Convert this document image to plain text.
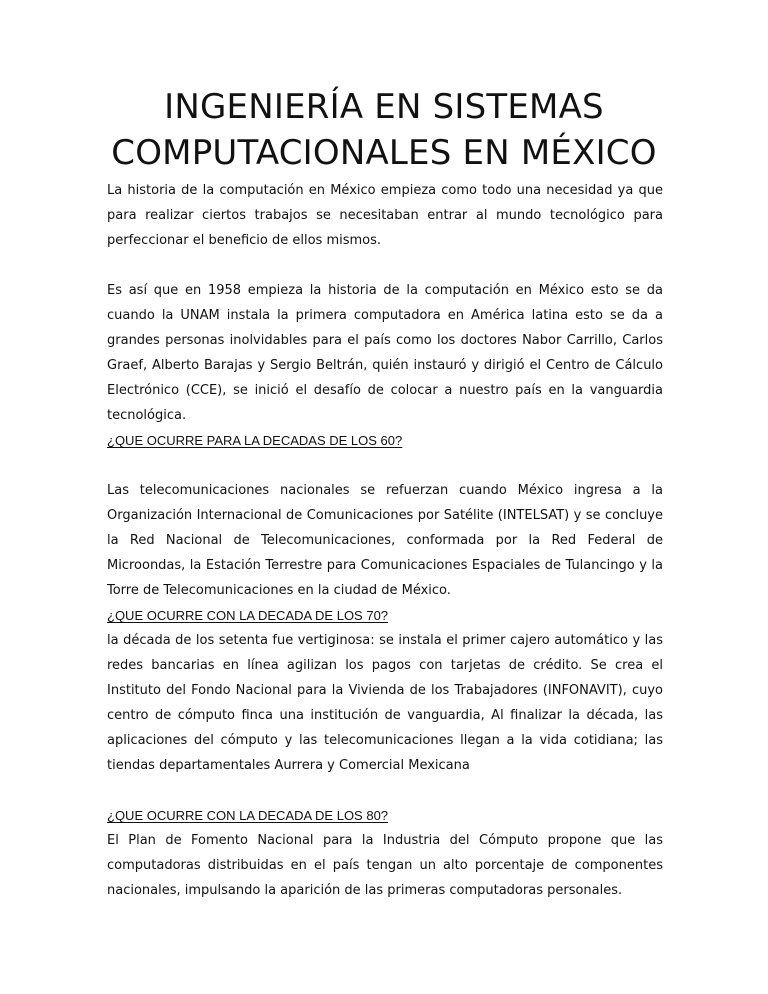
INGENIERÍA EN SISTEMAS COMPUTACIONALES EN MÉXICO

La historia de la computación en México empieza como todo una necesidad ya que para realizar ciertos trabajos se necesitaban entrar al mundo tecnológico para perfeccionar el beneficio de ellos mismos.

Es así que en 1958 empieza la historia de la computación en México esto se da cuando la UNAM instala la primera computadora en América latina esto se da a grandes personas inolvidables para el país como los doctores Nabor Carrillo, Carlos Graef, Alberto Barajas y Sergio Beltrán, quién instauró y dirigió el Centro de Cálculo Electrónico (CCE), se inició el desafío de colocar a nuestro país en la vanguardia tecnológica.

¿QUE OCURRE PARA LA DECADAS DE LOS 60?

Las telecomunicaciones nacionales se refuerzan cuando México ingresa a la Organización Internacional de Comunicaciones por Satélite (INTELSAT) y se concluye la Red Nacional de Telecomunicaciones, conformada por la Red Federal de Microondas, la Estación Terrestre para Comunicaciones Espaciales de Tulancingo y la Torre de Telecomunicaciones en la ciudad de México.

¿QUE OCURRE CON LA DECADA DE LOS 70?

la década de los setenta fue vertiginosa: se instala el primer cajero automático y las redes bancarias en línea agilizan los pagos con tarjetas de crédito. Se crea el Instituto del Fondo Nacional para la Vivienda de los Trabajadores (INFONAVIT), cuyo centro de cómputo finca una institución de vanguardia, Al finalizar la década, las aplicaciones del cómputo y las telecomunicaciones llegan a la vida cotidiana; las tiendas departamentales Aurrera y Comercial Mexicana

¿QUE OCURRE CON LA DECADA DE LOS 80?

El Plan de Fomento Nacional para la Industria del Cómputo propone que las computadoras distribuidas en el país tengan un alto porcentaje de componentes nacionales, impulsando la aparición de las primeras computadoras personales.
